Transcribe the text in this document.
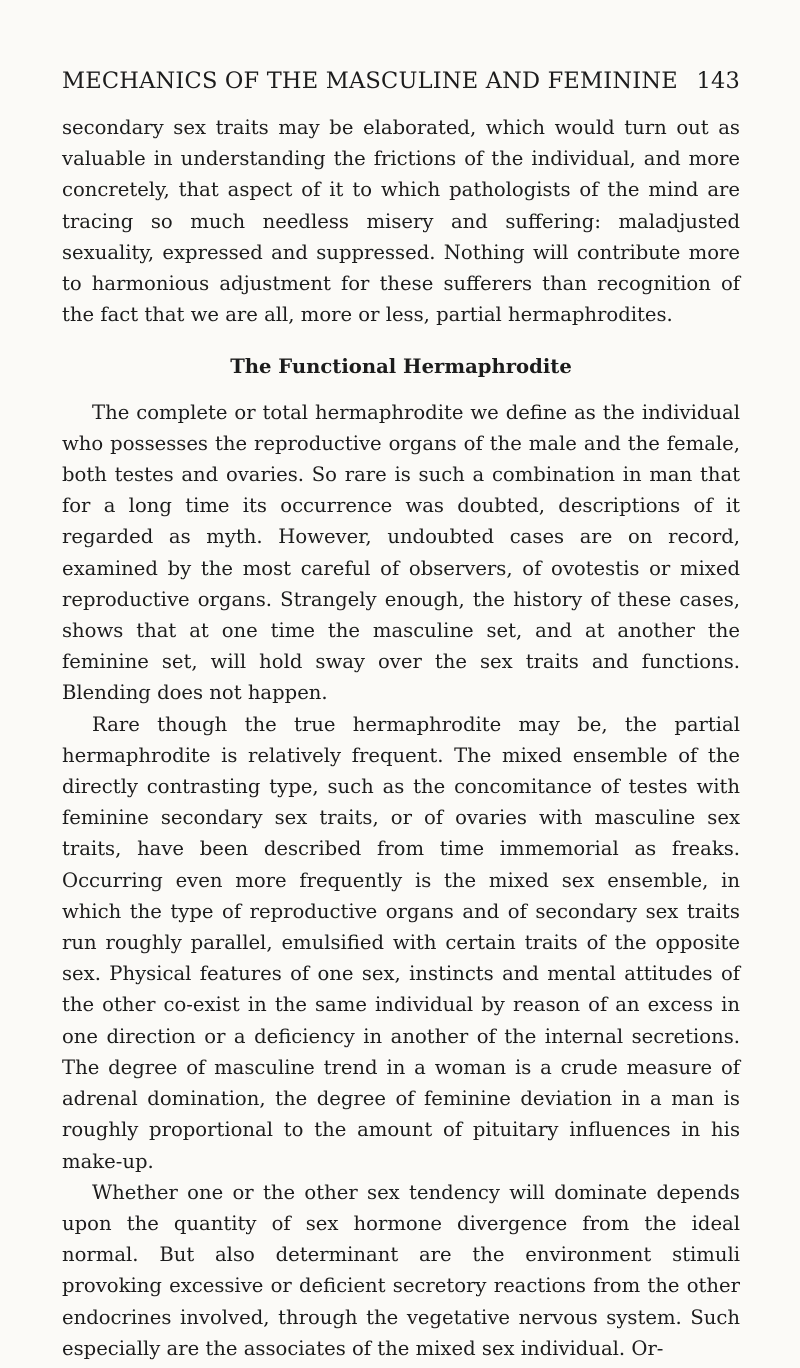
MECHANICS OF THE MASCULINE AND FEMININE 143

secondary sex traits may be elaborated, which would turn out as valuable in understanding the frictions of the individual, and more concretely, that aspect of it to which pathologists of the mind are tracing so much needless misery and suffering: maladjusted sexuality, expressed and suppressed. Nothing will contribute more to harmonious adjustment for these sufferers than recognition of the fact that we are all, more or less, partial hermaphrodites.

The Functional Hermaphrodite

The complete or total hermaphrodite we define as the individual who possesses the reproductive organs of the male and the female, both testes and ovaries. So rare is such a combination in man that for a long time its occurrence was doubted, descriptions of it regarded as myth. However, undoubted cases are on record, examined by the most careful of observers, of ovotestis or mixed reproductive organs. Strangely enough, the history of these cases, shows that at one time the masculine set, and at another the feminine set, will hold sway over the sex traits and functions. Blending does not happen.

Rare though the true hermaphrodite may be, the partial hermaphrodite is relatively frequent. The mixed ensemble of the directly contrasting type, such as the concomitance of testes with feminine secondary sex traits, or of ovaries with masculine sex traits, have been described from time immemorial as freaks. Occurring even more frequently is the mixed sex ensemble, in which the type of reproductive organs and of secondary sex traits run roughly parallel, emulsified with certain traits of the opposite sex. Physical features of one sex, instincts and mental attitudes of the other co-exist in the same individual by reason of an excess in one direction or a deficiency in another of the internal secretions. The degree of masculine trend in a woman is a crude measure of adrenal domination, the degree of feminine deviation in a man is roughly proportional to the amount of pituitary influences in his make-up.

Whether one or the other sex tendency will dominate depends upon the quantity of sex hormone divergence from the ideal normal. But also determinant are the environment stimuli provoking excessive or deficient secretory reactions from the other endocrines involved, through the vegetative nervous system. Such especially are the associates of the mixed sex individual. Or-
